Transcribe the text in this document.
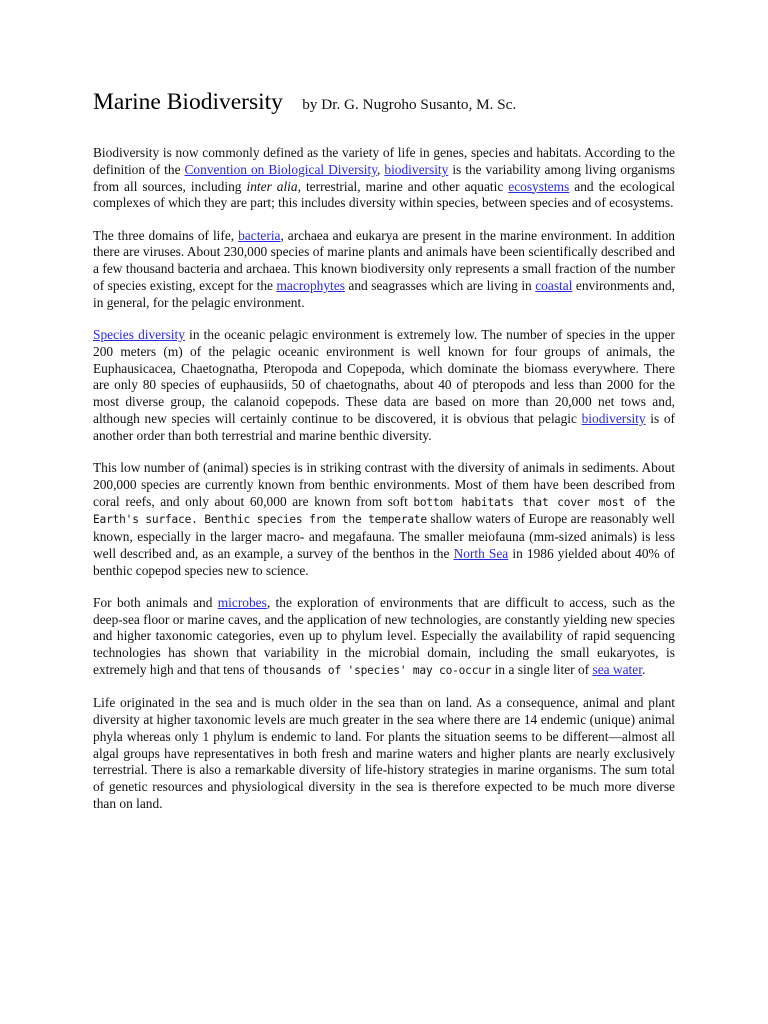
Marine Biodiversity by Dr. G. Nugroho Susanto, M. Sc.

Biodiversity is now commonly defined as the variety of life in genes, species and habitats. According to the definition of the Convention on Biological Diversity, biodiversity is the variability among living organisms from all sources, including inter alia, terrestrial, marine and other aquatic ecosystems and the ecological complexes of which they are part; this includes diversity within species, between species and of ecosystems.

The three domains of life, bacteria, archaea and eukarya are present in the marine environment. In addition there are viruses. About 230,000 species of marine plants and animals have been scientifically described and a few thousand bacteria and archaea. This known biodiversity only represents a small fraction of the number of species existing, except for the macrophytes and seagrasses which are living in coastal environments and, in general, for the pelagic environment.

Species diversity in the oceanic pelagic environment is extremely low. The number of species in the upper 200 meters (m) of the pelagic oceanic environment is well known for four groups of animals, the Euphausicacea, Chaetognatha, Pteropoda and Copepoda, which dominate the biomass everywhere. There are only 80 species of euphausiids, 50 of chaetognaths, about 40 of pteropods and less than 2000 for the most diverse group, the calanoid copepods. These data are based on more than 20,000 net tows and, although new species will certainly continue to be discovered, it is obvious that pelagic biodiversity is of another order than both terrestrial and marine benthic diversity.

This low number of (animal) species is in striking contrast with the diversity of animals in sediments. About 200,000 species are currently known from benthic environments. Most of them have been described from coral reefs, and only about 60,000 are known from soft bottom habitats that cover most of the Earth's surface. Benthic species from the temperate shallow waters of Europe are reasonably well known, especially in the larger macro- and megafauna. The smaller meiofauna (mm-sized animals) is less well described and, as an example, a survey of the benthos in the North Sea in 1986 yielded about 40% of benthic copepod species new to science.

For both animals and microbes, the exploration of environments that are difficult to access, such as the deep-sea floor or marine caves, and the application of new technologies, are constantly yielding new species and higher taxonomic categories, even up to phylum level. Especially the availability of rapid sequencing technologies has shown that variability in the microbial domain, including the small eukaryotes, is extremely high and that tens of thousands of 'species' may co-occur in a single liter of sea water.

Life originated in the sea and is much older in the sea than on land. As a consequence, animal and plant diversity at higher taxonomic levels are much greater in the sea where there are 14 endemic (unique) animal phyla whereas only 1 phylum is endemic to land. For plants the situation seems to be different—almost all algal groups have representatives in both fresh and marine waters and higher plants are nearly exclusively terrestrial. There is also a remarkable diversity of life-history strategies in marine organisms. The sum total of genetic resources and physiological diversity in the sea is therefore expected to be much more diverse than on land.
